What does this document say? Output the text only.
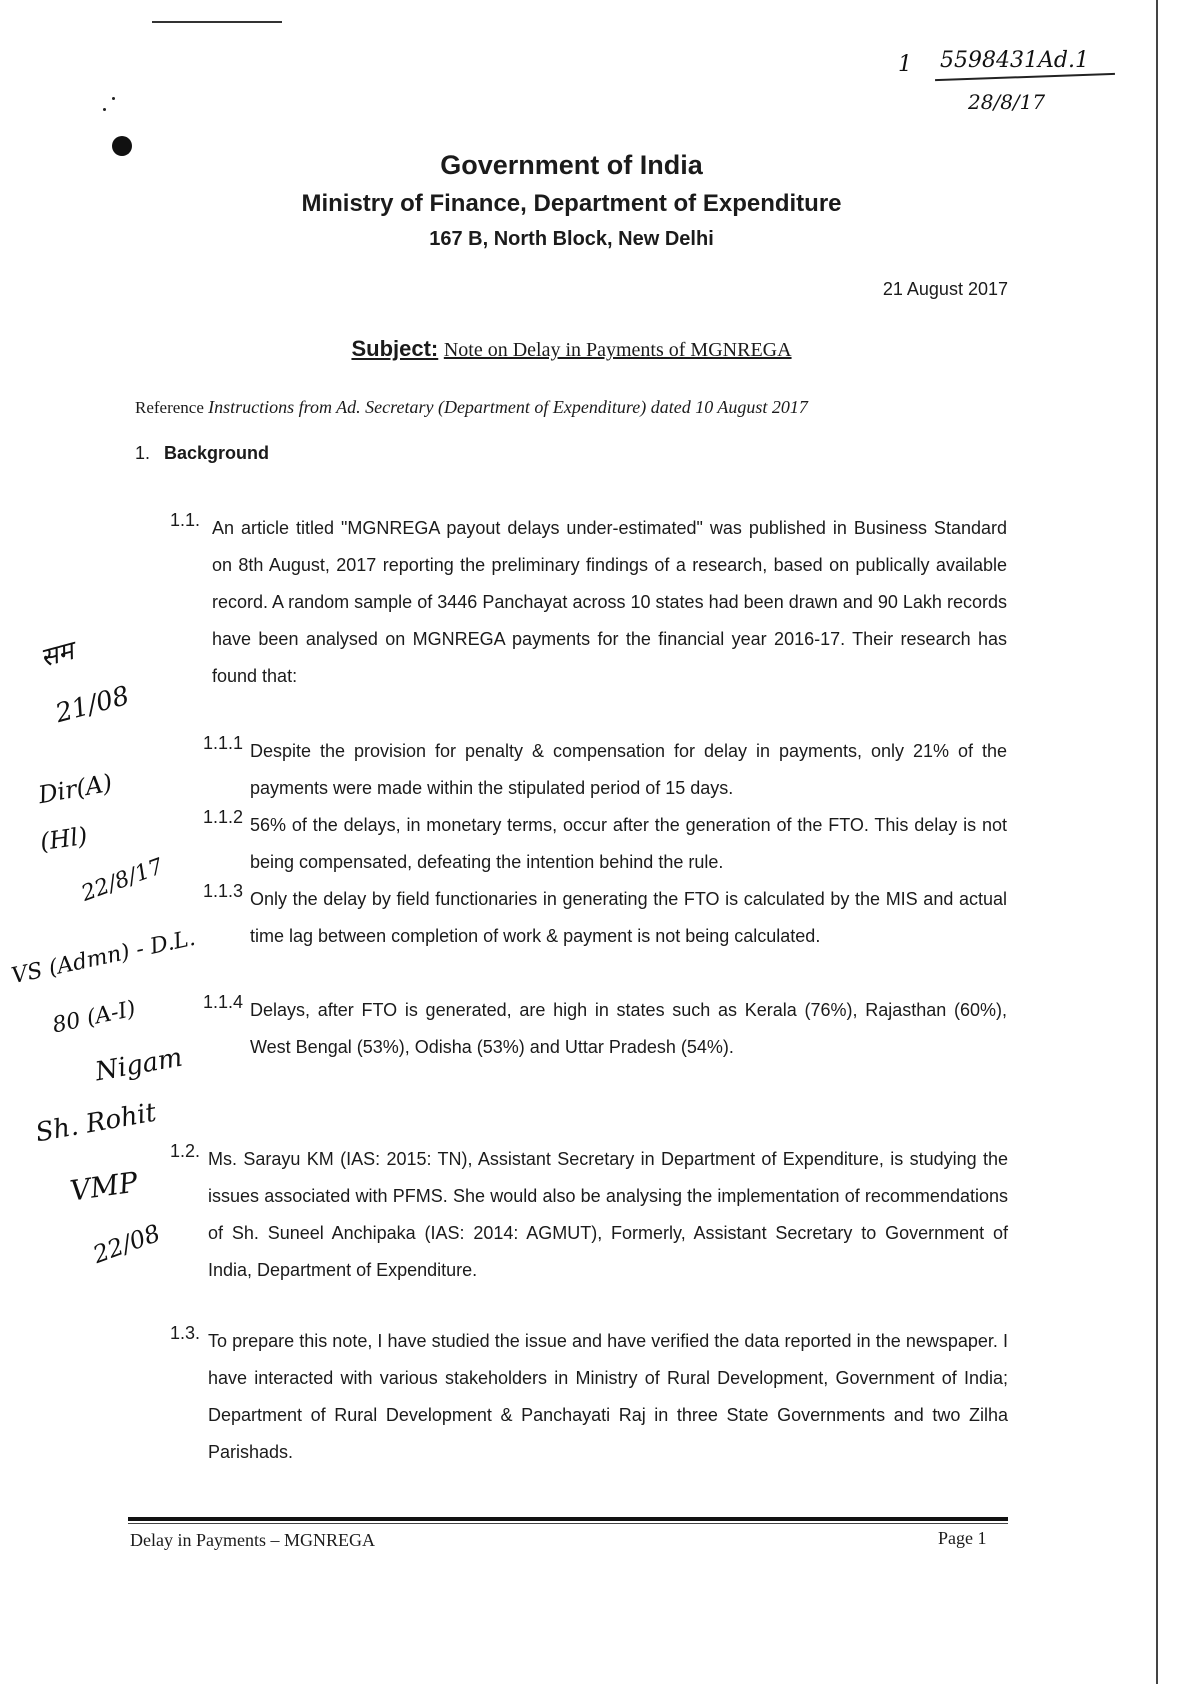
1 5598431Ad.1
28/8/17
Government of India
Ministry of Finance, Department of Expenditure
167 B, North Block, New Delhi
21 August 2017
Subject: Note on Delay in Payments of MGNREGA
Reference Instructions from Ad. Secretary (Department of Expenditure) dated 10 August 2017
1. Background
1.1. An article titled "MGNREGA payout delays under-estimated" was published in Business Standard on 8th August, 2017 reporting the preliminary findings of a research, based on publically available record. A random sample of 3446 Panchayat across 10 states had been drawn and 90 Lakh records have been analysed on MGNREGA payments for the financial year 2016-17. Their research has found that:
1.1.1 Despite the provision for penalty & compensation for delay in payments, only 21% of the payments were made within the stipulated period of 15 days.
1.1.2 56% of the delays, in monetary terms, occur after the generation of the FTO. This delay is not being compensated, defeating the intention behind the rule.
1.1.3 Only the delay by field functionaries in generating the FTO is calculated by the MIS and actual time lag between completion of work & payment is not being calculated.
1.1.4 Delays, after FTO is generated, are high in states such as Kerala (76%), Rajasthan (60%), West Bengal (53%), Odisha (53%) and Uttar Pradesh (54%).
1.2. Ms. Sarayu KM (IAS: 2015: TN), Assistant Secretary in Department of Expenditure, is studying the issues associated with PFMS. She would also be analysing the implementation of recommendations of Sh. Suneel Anchipaka (IAS: 2014: AGMUT), Formerly, Assistant Secretary to Government of India, Department of Expenditure.
1.3. To prepare this note, I have studied the issue and have verified the data reported in the newspaper. I have interacted with various stakeholders in Ministry of Rural Development, Government of India; Department of Rural Development & Panchayati Raj in three State Governments and two Zilha Parishads.
सम
21/08
Dir(A)
(Hl)
22/8/17
VS (Admn) - D.L.
80 (A-I)
Nigam
Sh. Rohit
VMP
22/08
Delay in Payments – MGNREGA	Page 1
